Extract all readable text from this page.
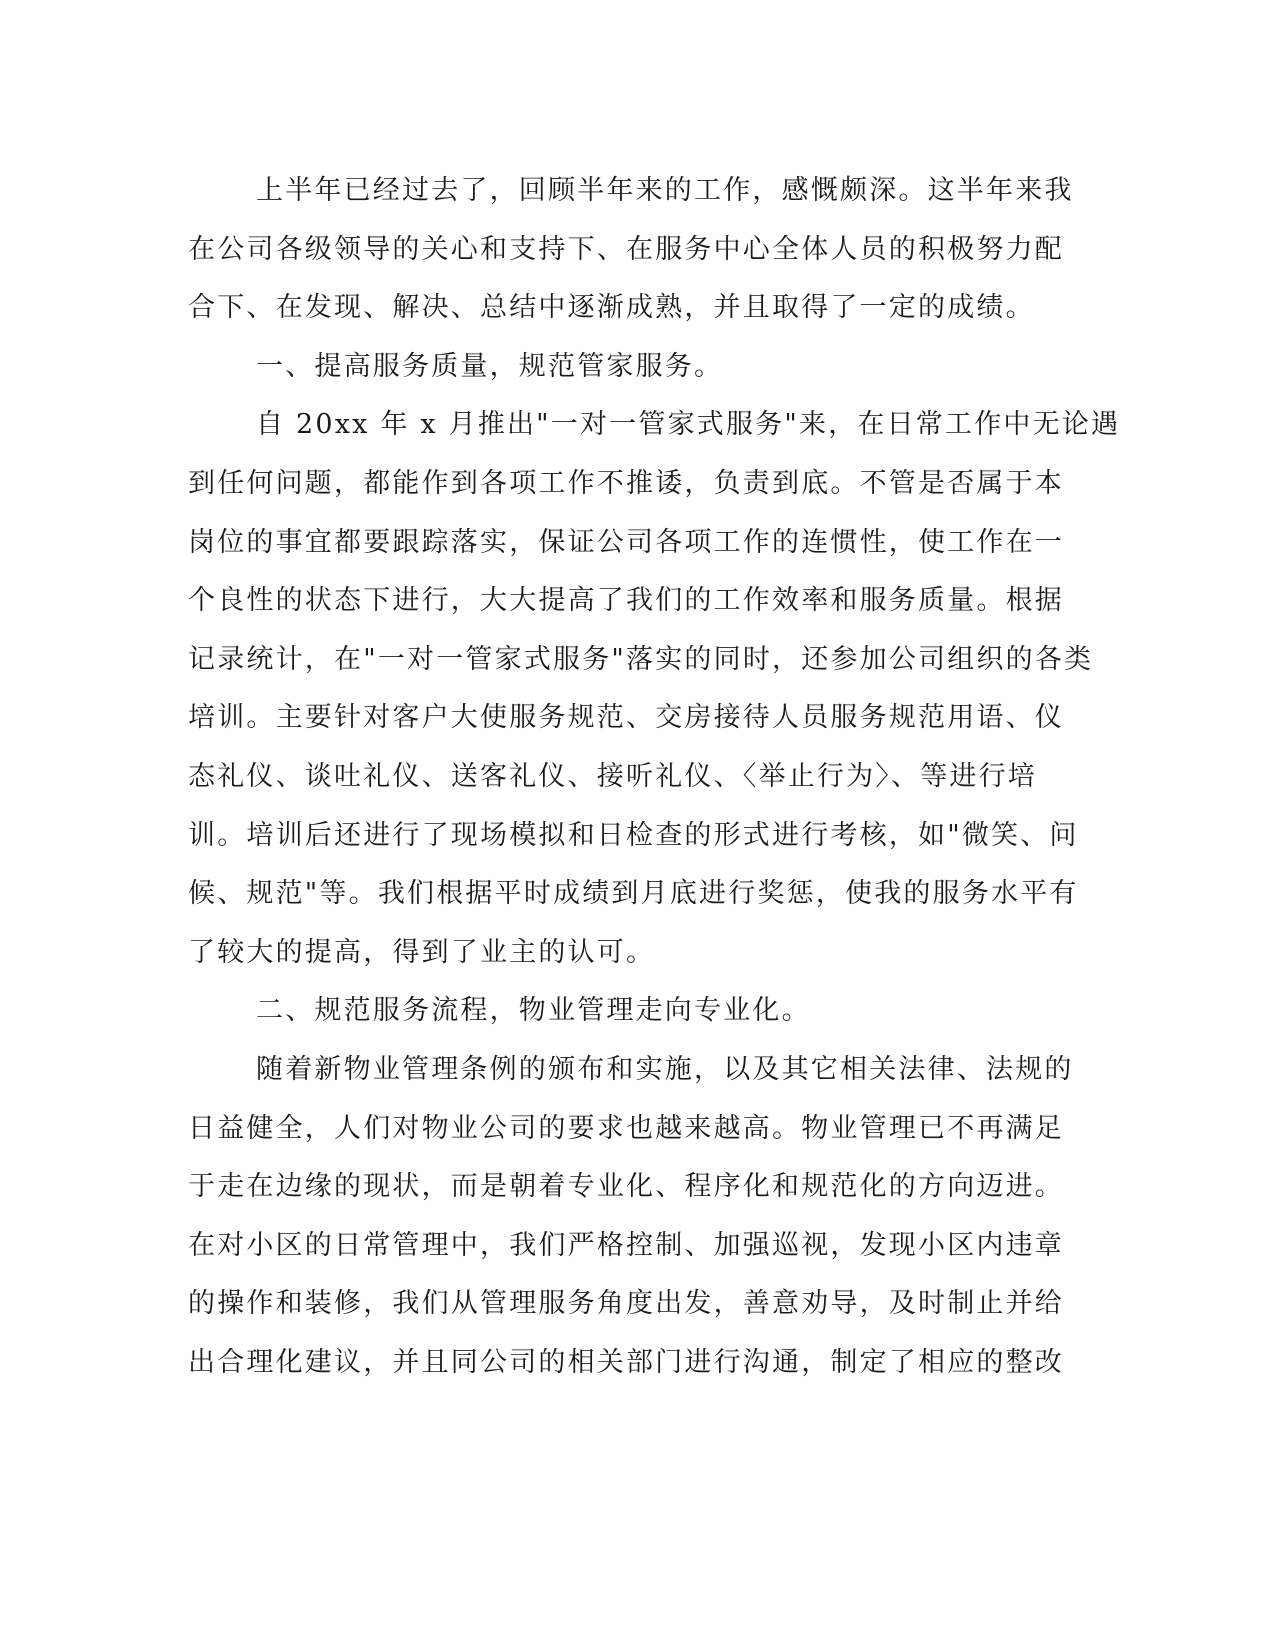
上半年已经过去了，回顾半年来的工作，感慨颇深。这半年来我
在公司各级领导的关心和支持下、在服务中心全体人员的积极努力配
合下、在发现、解决、总结中逐渐成熟，并且取得了一定的成绩。
一、提高服务质量，规范管家服务。
自 20xx 年 x 月推出"一对一管家式服务"来，在日常工作中无论遇
到任何问题，都能作到各项工作不推诿，负责到底。不管是否属于本
岗位的事宜都要跟踪落实，保证公司各项工作的连惯性，使工作在一
个良性的状态下进行，大大提高了我们的工作效率和服务质量。根据
记录统计，在"一对一管家式服务"落实的同时，还参加公司组织的各类
培训。主要针对客户大使服务规范、交房接待人员服务规范用语、仪
态礼仪、谈吐礼仪、送客礼仪、接听礼仪、〈举止行为〉、等进行培
训。培训后还进行了现场模拟和日检查的形式进行考核，如"微笑、问
候、规范"等。我们根据平时成绩到月底进行奖惩，使我的服务水平有
了较大的提高，得到了业主的认可。
二、规范服务流程，物业管理走向专业化。
随着新物业管理条例的颁布和实施，以及其它相关法律、法规的
日益健全，人们对物业公司的要求也越来越高。物业管理已不再满足
于走在边缘的现状，而是朝着专业化、程序化和规范化的方向迈进。
在对小区的日常管理中，我们严格控制、加强巡视，发现小区内违章
的操作和装修，我们从管理服务角度出发，善意劝导，及时制止并给
出合理化建议，并且同公司的相关部门进行沟通，制定了相应的整改
